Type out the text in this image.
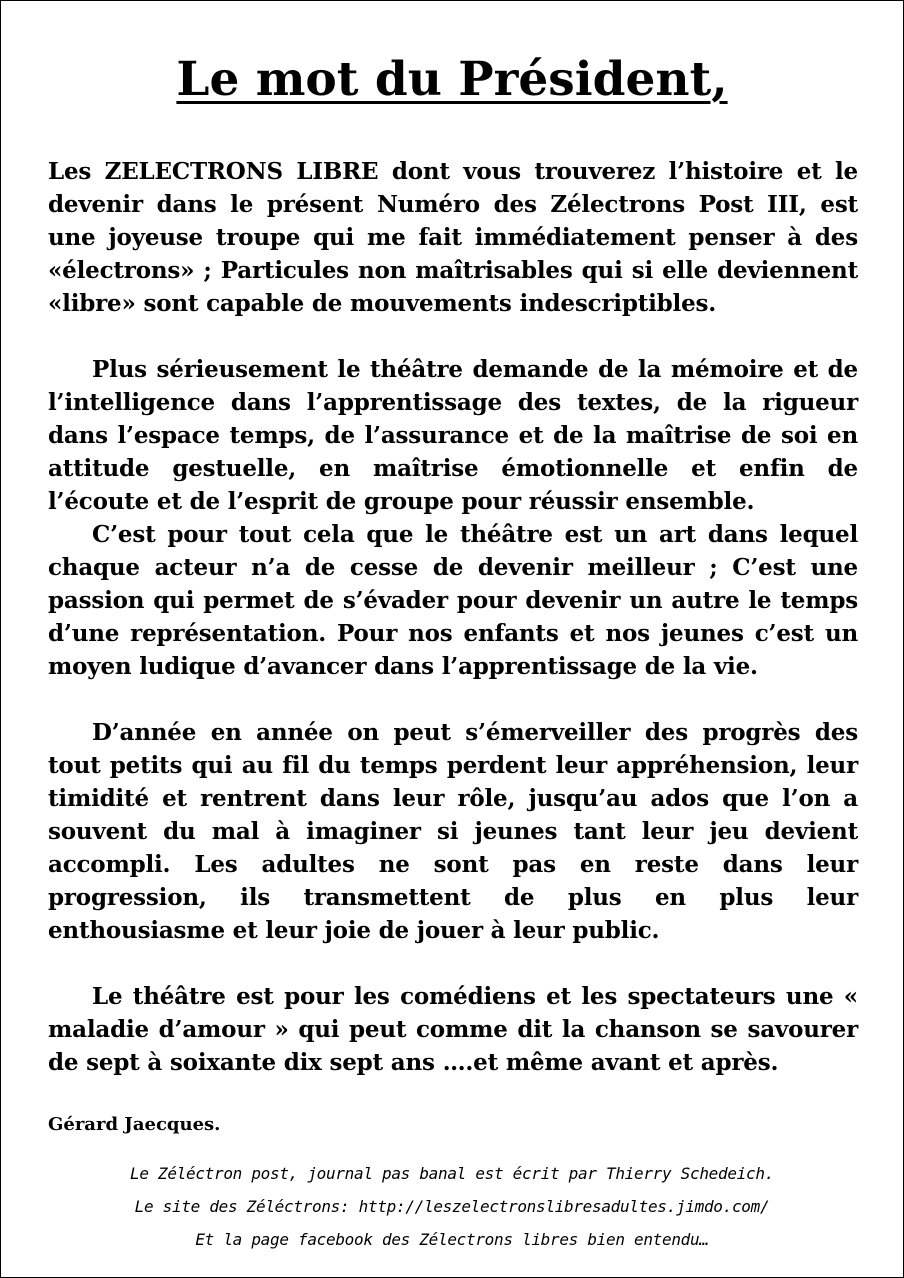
Le mot du Président,

Les ZELECTRONS LIBRE dont vous trouverez l’histoire et le devenir dans le présent Numéro des Zélectrons Post III, est une joyeuse troupe qui me fait immédiatement penser à des «électrons» ; Particules non maîtrisables qui si elle deviennent «libre» sont capable de mouvements indescriptibles.

Plus sérieusement le théâtre demande de la mémoire et de l’intelligence dans l’apprentissage des textes, de la rigueur dans l’espace temps, de l’assurance et de la maîtrise de soi en attitude gestuelle, en maîtrise émotionnelle et enfin de l’écoute et de l’esprit de groupe pour réussir ensemble.

C’est pour tout cela que le théâtre est un art dans lequel chaque acteur n’a de cesse de devenir meilleur ; C’est une passion qui permet de s’évader pour devenir un autre le temps d’une représentation. Pour nos enfants et nos jeunes c’est un moyen ludique d’avancer dans l’apprentissage de la vie.

D’année en année on peut s’émerveiller des progrès des tout petits qui au fil du temps perdent leur appréhension, leur timidité et rentrent dans leur rôle, jusqu’au ados que l’on a souvent du mal à imaginer si jeunes tant leur jeu devient accompli. Les adultes ne sont pas en reste dans leur progression, ils transmettent de plus en plus leur enthousiasme et leur joie de jouer à leur public.

Le théâtre est pour les comédiens et les spectateurs une « maladie d’amour » qui peut comme dit la chanson se savourer de sept à soixante dix sept ans ….et même avant et après.

Gérard Jaecques.
Le Zéléctron post, journal pas banal est écrit par Thierry Schedeich.
Le site des Zéléctrons: http://leszelectronslibresadultes.jimdo.com/
Et la page facebook des Zélectrons libres bien entendu…
